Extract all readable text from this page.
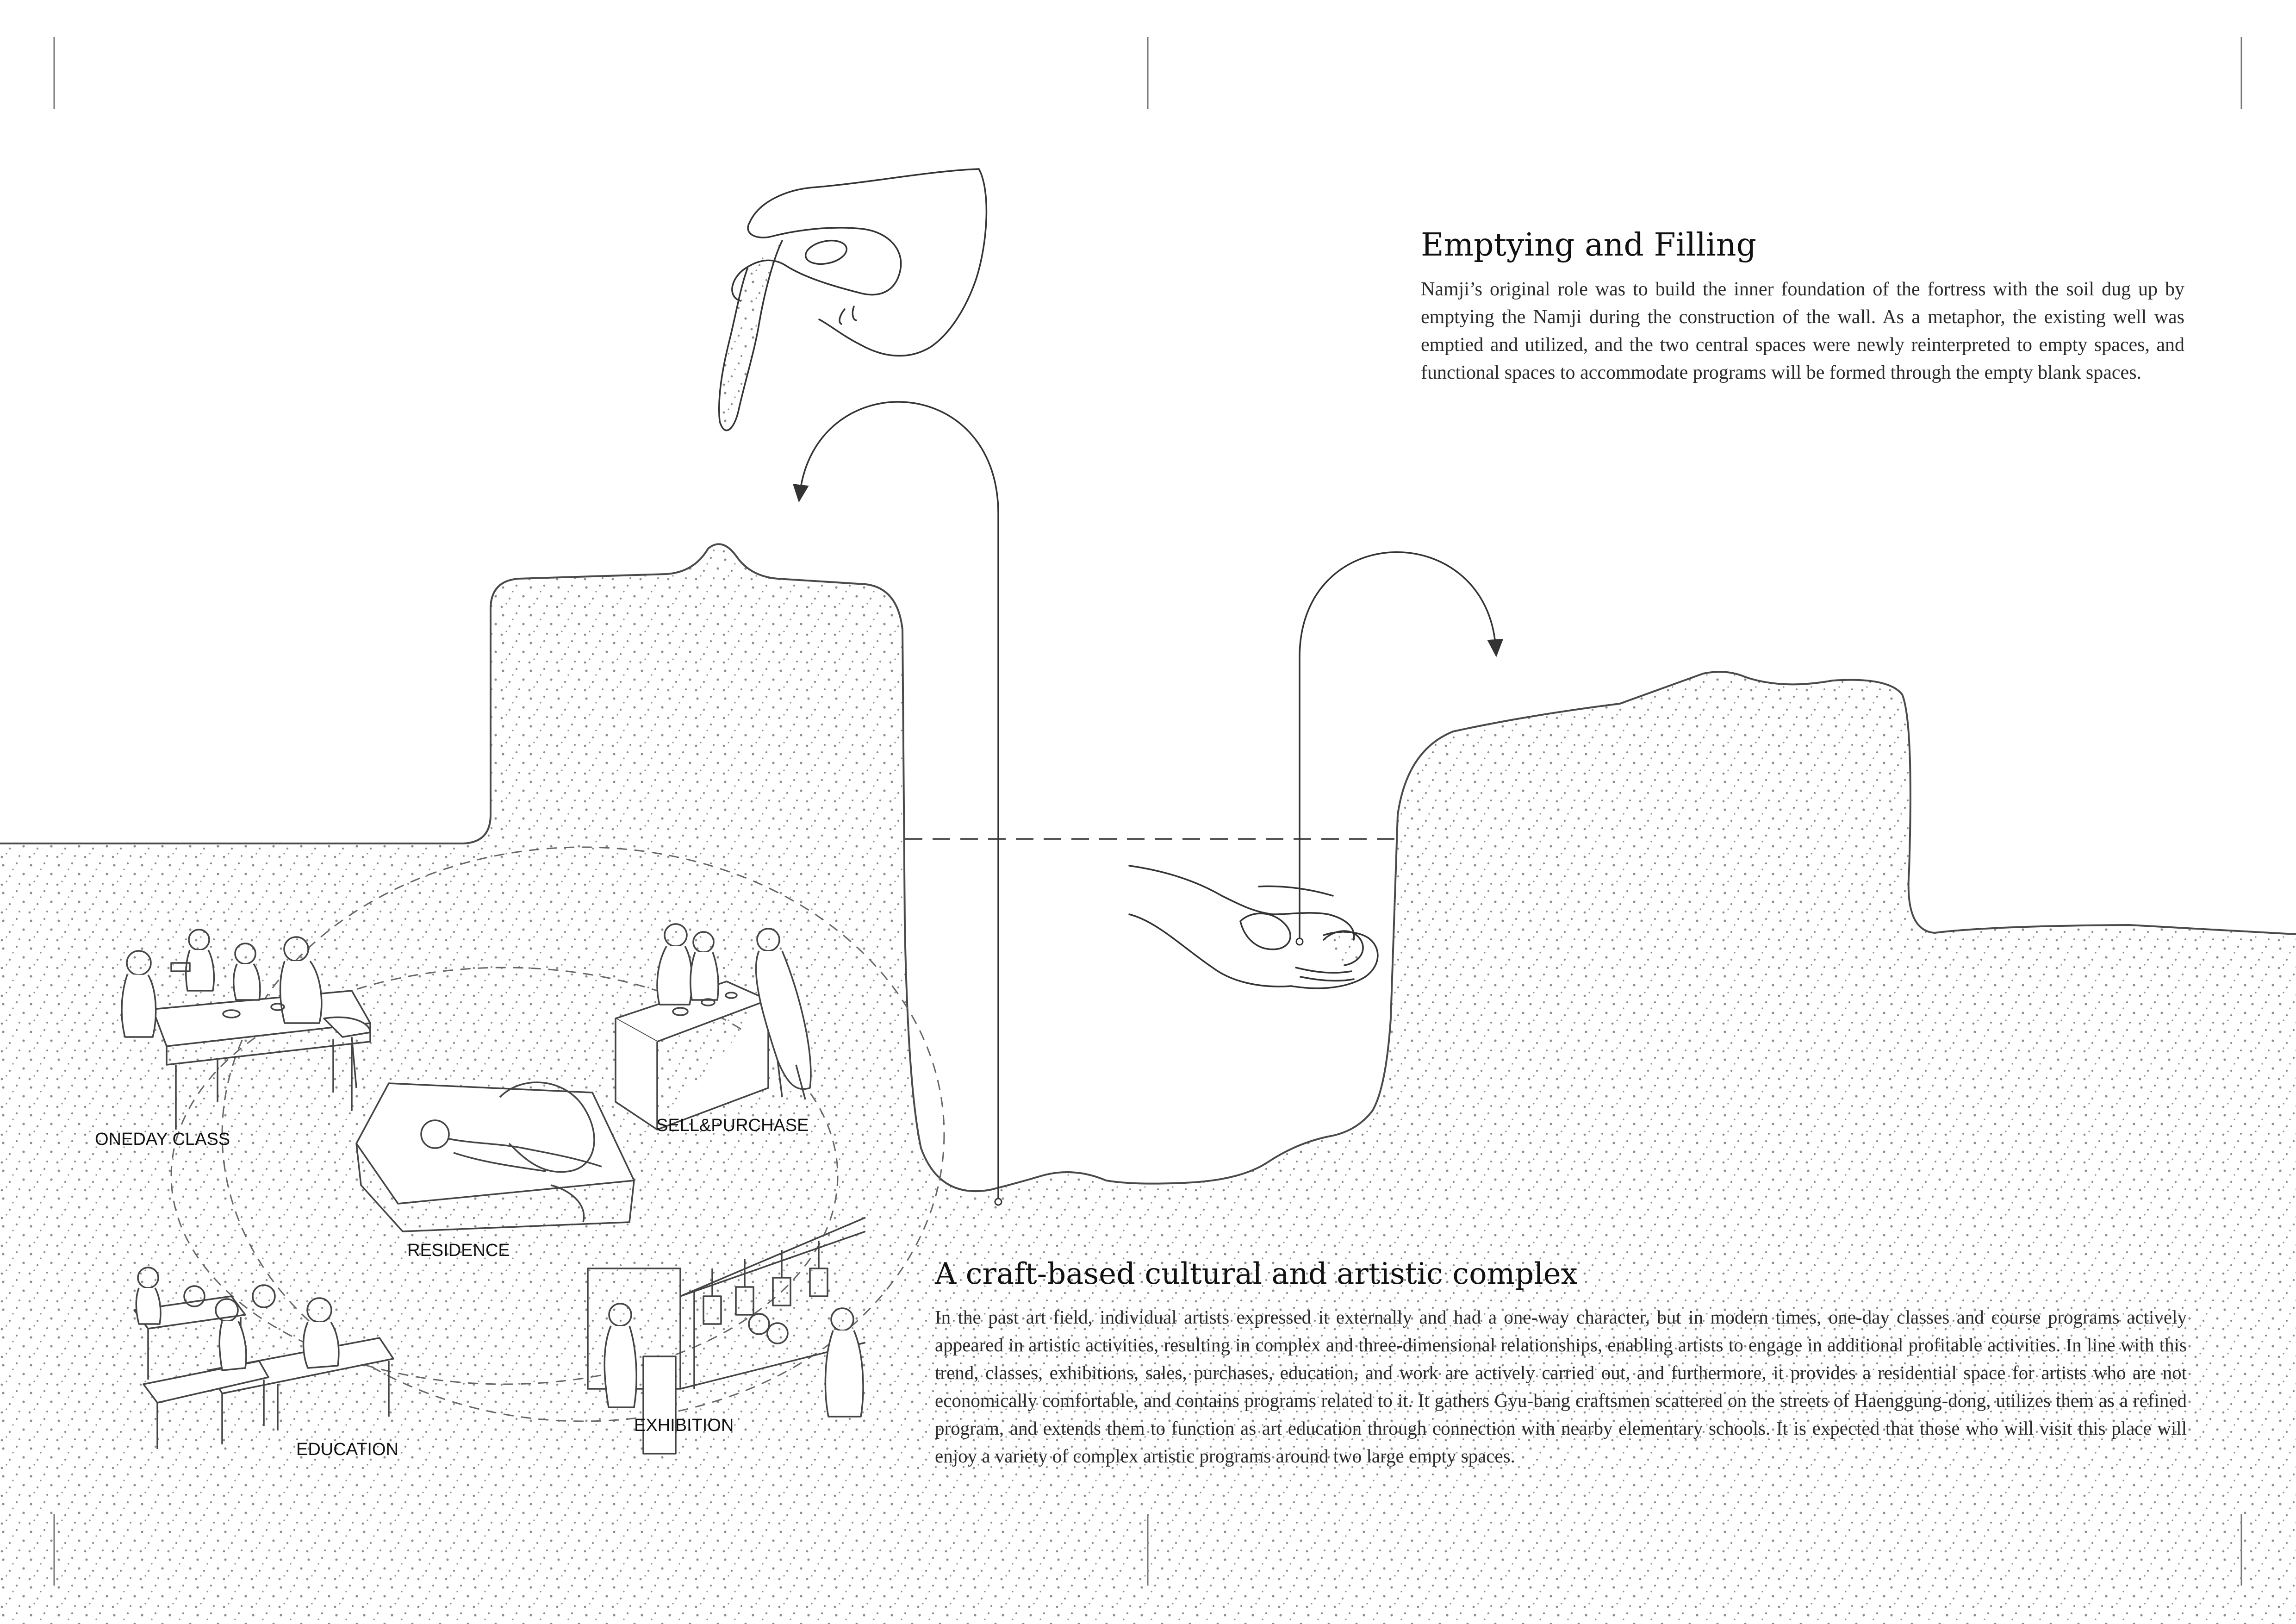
Emptying and Filling

Namji’s original role was to build the inner foundation of the fortress with the soil dug up by emptying the Namji during the construction of the wall. As a metaphor, the existing well was emptied and utilized, and the two central spaces were newly reinterpreted to empty spaces, and functional spaces to accommodate programs will be formed through the empty blank spaces.

A craft-based cultural and artistic complex

In the past art field, individual artists expressed it externally and had a one-way character, but in modern times, one-day classes and course programs actively appeared in artistic activities, resulting in complex and three-dimensional relationships, enabling artists to engage in additional profitable activities. In line with this trend, classes, exhibitions, sales, purchases, education, and work are actively carried out, and furthermore, it provides a residential space for artists who are not economically comfortable, and contains programs related to it. It gathers Gyu-bang craftsmen scattered on the streets of Haenggung-dong, utilizes them as a refined program, and extends them to function as art education through connection with nearby elementary schools. It is expected that those who will visit this place will enjoy a variety of complex artistic programs around two large empty spaces.

ONEDAY CLASS
SELL&PURCHASE
RESIDENCE
EDUCATION
EXHIBITION
